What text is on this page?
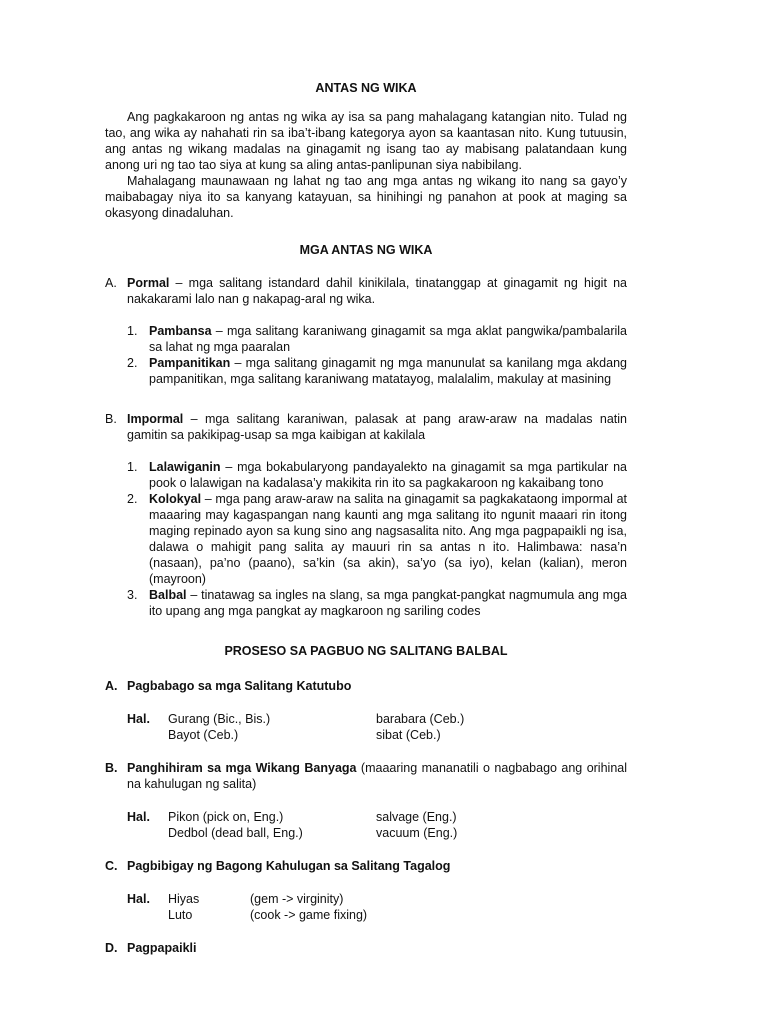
ANTAS NG WIKA

Ang pagkakaroon ng antas ng wika ay isa sa pang mahalagang katangian nito. Tulad ng tao, ang wika ay nahahati rin sa iba’t-ibang kategorya ayon sa kaantasan nito. Kung tutuusin, ang antas ng wikang madalas na ginagamit ng isang tao ay mabisang palatandaan kung anong uri ng tao tao siya at kung sa aling antas-panlipunan siya nabibilang.

Mahalagang maunawaan ng lahat ng tao ang mga antas ng wikang ito nang sa gayo’y maibabagay niya ito sa kanyang katayuan, sa hinihingi ng panahon at pook at maging sa okasyong dinadaluhan.

MGA ANTAS NG WIKA

A. Pormal – mga salitang istandard dahil kinikilala, tinatanggap at ginagamit ng higit na nakakarami lalo nan g nakapag-aral ng wika.
1. Pambansa – mga salitang karaniwang ginagamit sa mga aklat pangwika/pambalarila sa lahat ng mga paaralan
2. Pampanitikan – mga salitang ginagamit ng mga manunulat sa kanilang mga akdang pampanitikan, mga salitang karaniwang matatayog, malalalim, makulay at masining
B. Impormal – mga salitang karaniwan, palasak at pang araw-araw na madalas natin gamitin sa pakikipag-usap sa mga kaibigan at kakilala
1. Lalawiganin – mga bokabularyong pandayalekto na ginagamit sa mga partikular na pook o lalawigan na kadalasa’y makikita rin ito sa pagkakaroon ng kakaibang tono
2. Kolokyal – mga pang araw-araw na salita na ginagamit sa pagkakataong impormal at maaaring may kagaspangan nang kaunti ang mga salitang ito ngunit maaari rin itong maging repinado ayon sa kung sino ang nagsasalita nito. Ang mga pagpapaikli ng isa, dalawa o mahigit pang salita ay mauuri rin sa antas n ito. Halimbawa: nasa’n (nasaan), pa’no (paano), sa’kin (sa akin), sa’yo (sa iyo), kelan (kalian), meron (mayroon)
3. Balbal – tinatawag sa ingles na slang, sa mga pangkat-pangkat nagmumula ang mga ito upang ang mga pangkat ay magkaroon ng sariling codes

PROSESO SA PAGBUO NG SALITANG BALBAL

A. Pagbabago sa mga Salitang Katutubo
Hal. Gurang (Bic., Bis.)
Bayot (Ceb.)
barabara (Ceb.)
sibat (Ceb.)
B. Panghihiram sa mga Wikang Banyaga (maaaring mananatili o nagbabago ang orihinal na kahulugan ng salita)
Hal. Pikon (pick on, Eng.)
Dedbol (dead ball, Eng.)
salvage (Eng.)
vacuum (Eng.)
C. Pagbibigay ng Bagong Kahulugan sa Salitang Tagalog
Hal. Hiyas
Luto
(gem -> virginity)
(cook -> game fixing)
D. Pagpapaikli
